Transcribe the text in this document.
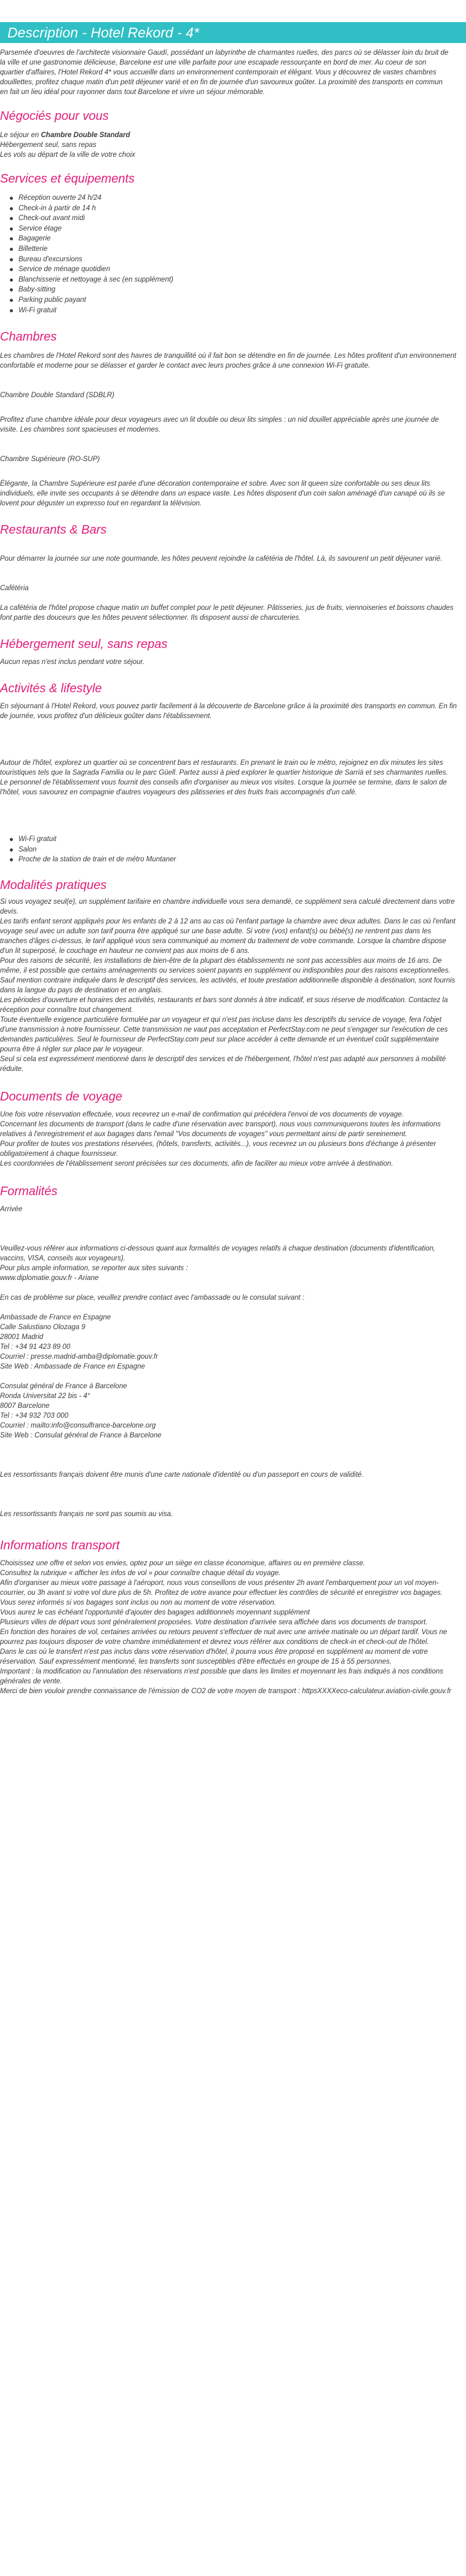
Description - Hotel Rekord - 4*

Parsemée d'oeuvres de l'architecte visionnaire Gaudí, possédant un labyrinthe de charmantes ruelles, des parcs où se délasser loin du bruit de la ville et une gastronomie délicieuse, Barcelone est une ville parfaite pour une escapade ressourçante en bord de mer. Au coeur de son quartier d'affaires, l'Hotel Rekord 4* vous accueille dans un environnement contemporain et élégant. Vous y découvrez de vastes chambres douillettes, profitez chaque matin d'un petit déjeuner varié et en fin de journée d'un savoureux goûter. La proximité des transports en commun en fait un lieu idéal pour rayonner dans tout Barcelone et vivre un séjour mémorable.

Négociés pour vous

Le séjour en Chambre Double Standard

Hébergement seul, sans repas

Les vols au départ de la ville de votre choix

Services et équipements
Réception ouverte 24 h/24
Check-in à partir de 14 h
Check-out avant midi
Service étage
Bagagerie
Billetterie
Bureau d'excursions
Service de ménage quotidien
Blanchisserie et nettoyage à sec (en supplément)
Baby-sitting
Parking public payant
Wi-Fi gratuit
Chambres

Les chambres de l'Hotel Rekord sont des havres de tranquillité où il fait bon se détendre en fin de journée. Les hôtes profitent d'un environnement confortable et moderne pour se délasser et garder le contact avec leurs proches grâce à une connexion Wi-Fi gratuite.

Chambre Double Standard (SDBLR)

Profitez d'une chambre idéale pour deux voyageurs avec un lit double ou deux lits simples : un nid douillet appréciable après une journée de visite. Les chambres sont spacieuses et modernes.

Chambre Supérieure (RO-SUP)

Élégante, la Chambre Supérieure est parée d'une décoration contemporaine et sobre. Avec son lit queen size confortable ou ses deux lits individuels, elle invite ses occupants à se détendre dans un espace vaste. Les hôtes disposent d'un coin salon aménagé d'un canapé où ils se lovent pour déguster un expresso tout en regardant la télévision.

Restaurants & Bars

Pour démarrer la journée sur une note gourmande, les hôtes peuvent rejoindre la cafétéria de l'hôtel. Là, ils savourent un petit déjeuner varié.

Cafétéria

La cafétéria de l'hôtel propose chaque matin un buffet complet pour le petit déjeuner. Pâtisseries, jus de fruits, viennoiseries et boissons chaudes font partie des douceurs que les hôtes peuvent sélectionner. Ils disposent aussi de charcuteries.

Hébergement seul, sans repas

Aucun repas n'est inclus pendant votre séjour.

Activités & lifestyle

En séjournant à l'Hotel Rekord, vous pouvez partir facilement à la découverte de Barcelone grâce à la proximité des transports en commun. En fin de journée, vous profitez d'un délicieux goûter dans l'établissement.

Autour de l'hôtel, explorez un quartier où se concentrent bars et restaurants. En prenant le train ou le métro, rejoignez en dix minutes les sites touristiques tels que la Sagrada Familia ou le parc Güell. Partez aussi à pied explorer le quartier historique de Sarrià et ses charmantes ruelles. Le personnel de l'établissement vous fournit des conseils afin d'organiser au mieux vos visites. Lorsque la journée se termine, dans le salon de l'hôtel, vous savourez en compagnie d'autres voyageurs des pâtisseries et des fruits frais accompagnés d'un café.

Wi-Fi gratuit
Salon
Proche de la station de train et de métro Muntaner
Modalités pratiques

Si vous voyagez seul(e), un supplément tarifaire en chambre individuelle vous sera demandé, ce supplément sera calculé directement dans votre devis.

Les tarifs enfant seront appliqués pour les enfants de 2 à 12 ans au cas où l'enfant partage la chambre avec deux adultes. Dans le cas où l'enfant voyage seul avec un adulte son tarif pourra être appliqué sur une base adulte. Si votre (vos) enfant(s) ou bébé(s) ne rentrent pas dans les tranches d'âges ci-dessus, le tarif appliqué vous sera communiqué au moment du traitement de votre commande. Lorsque la chambre dispose d'un lit superposé, le couchage en hauteur ne convient pas aux moins de 6 ans.

Pour des raisons de sécurité, les installations de bien-être de la plupart des établissements ne sont pas accessibles aux moins de 16 ans. De même, il est possible que certains aménagements ou services soient payants en supplément ou indisponibles pour des raisons exceptionnelles.

Sauf mention contraire indiquée dans le descriptif des services, les activités, et toute prestation additionnelle disponible à destination, sont fournis dans la langue du pays de destination et en anglais.

Les périodes d'ouverture et horaires des activités, restaurants et bars sont donnés à titre indicatif, et sous réserve de modification. Contactez la réception pour connaître tout changement.

Toute éventuelle exigence particulière formulée par un voyageur et qui n'est pas incluse dans les descriptifs du service de voyage, fera l'objet d'une transmission à notre fournisseur. Cette transmission ne vaut pas acceptation et PerfectStay.com ne peut s'engager sur l'exécution de ces demandes particulières. Seul le fournisseur de PerfectStay.com peut sur place accéder à cette demande et un éventuel coût supplémentaire pourra être à régler sur place par le voyageur.

Seul si cela est expressément mentionné dans le descriptif des services et de l'hébergement, l'hôtel n'est pas adapté aux personnes à mobilité réduite.

Documents de voyage

Une fois votre réservation effectuée, vous recevrez un e-mail de confirmation qui précédera l'envoi de vos documents de voyage.

Concernant les documents de transport (dans le cadre d'une réservation avec transport), nous vous communiquerons toutes les informations relatives à l'enregistrement et aux bagages dans l'email "Vos documents de voyages" vous permettant ainsi de partir sereinement.

Pour profiter de toutes vos prestations réservées, (hôtels, transferts, activités...), vous recevrez un ou plusieurs bons d'échange à présenter obligatoirement à chaque fournisseur.

Les coordonnées de l'établissement seront précisées sur ces documents, afin de faciliter au mieux votre arrivée à destination.

Formalités

Arrivée

Veuillez-vous référer aux informations ci-dessous quant aux formalités de voyages relatifs à chaque destination (documents d'identification, vaccins, VISA, conseils aux voyageurs).

Pour plus ample information, se reporter aux sites suivants :

www.diplomatie.gouv.fr - Ariane

En cas de problème sur place, veuillez prendre contact avec l'ambassade ou le consulat suivant :

Ambassade de France en Espagne

Calle Salustiano Olozaga 9

28001 Madrid

Tel : +34 91 423 89 00

Courriel : presse.madrid-amba@diplomatie.gouv.fr

Site Web : Ambassade de France en Espagne

Consulat général de France à Barcelone

Ronda Universitat 22 bis - 4°

8007 Barcelone

Tel : +34 932 703 000

Courriel : mailto:info@consulfrance-barcelone.org

Site Web : Consulat général de France à Barcelone

Les ressortissants français doivent être munis d'une carte nationale d'identité ou d'un passeport en cours de validité.

Les ressortissants français ne sont pas soumis au visa.

Informations transport

Choisissez une offre et selon vos envies, optez pour un siège en classe économique, affaires ou en première classe.

Consultez la rubrique « afficher les infos de vol » pour connaître chaque détail du voyage.

Afin d'organiser au mieux votre passage à l'aéroport, nous vous conseillons de vous présenter 2h avant l'embarquement pour un vol moyen-courrier, ou 3h avant si votre vol dure plus de 5h. Profitez de votre avance pour effectuer les contrôles de sécurité et enregistrer vos bagages.

Vous serez informés si vos bagages sont inclus ou non au moment de votre réservation.

Vous aurez le cas échéant l'opportunité d'ajouter des bagages additionnels moyennant supplément

Plusieurs villes de départ vous sont généralement proposées. Votre destination d'arrivée sera affichée dans vos documents de transport.

En fonction des horaires de vol, certaines arrivées ou retours peuvent s'effectuer de nuit avec une arrivée matinale ou un départ tardif. Vous ne pourrez pas toujours disposer de votre chambre immédiatement et devrez vous référer aux conditions de check-in et check-out de l'hôtel.

Dans le cas où le transfert n'est pas inclus dans votre réservation d'hôtel, il pourra vous être proposé en supplément au moment de votre réservation. Sauf expressément mentionné, les transferts sont susceptibles d'être effectués en groupe de 15 à 55 personnes.

Important : la modification ou l'annulation des réservations n'est possible que dans les limites et moyennant les frais indiqués à nos conditions générales de vente.

Merci de bien vouloir prendre connaissance de l'émission de CO2 de votre moyen de transport : httpsXXXXeco-calculateur.aviation-civile.gouv.fr
